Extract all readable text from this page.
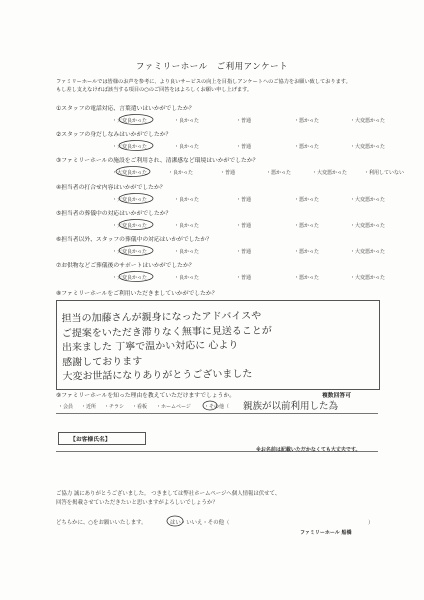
ファミリーホール　ご利用アンケート
ファミリーホールでは皆様のお声を参考に、より良いサービスの向上を目指しアンケートへのご協力をお願い致しております。
もし差し支えなければ該当する項目の○のご回答をはよろしくお願い申し上げます。
①スタッフの電話対応、言葉遣いはいかがでしたか？
・大変良かった	・良かった	・普通	・悪かった	・大変悪かった
②スタッフの身だしなみはいかがでしたか？
・大変良かった	・良かった	・普通	・悪かった	・大変悪かった
③ファミリーホールの施設をご利用され、清潔感など環境はいかがでしたか？
・大変良かった	・良かった	・普通	・悪かった	・大変悪かった	・利用していない
④担当者の打合せ内容はいかがでしたか？
・大変良かった	・良かった	・普通	・悪かった	・大変悪かった
⑤担当者の葬儀中の対応はいかがでしたか？
・大変良かった	・良かった	・普通	・悪かった	・大変悪かった
⑥担当者以外、スタッフの葬儀中の対応はいかがでしたか？
・大変良かった	・良かった	・普通	・悪かった	・大変悪かった
⑦お供物などご葬儀後のサポートはいかがでしたか？
・大変良かった	・良かった	・普通	・悪かった	・大変悪かった
⑧ファミリーホールをご利用いただきましていかがでしたか？
担当の加藤さんが親身になったアドバイスや
ご提案をいただき滞りなく無事に見送ることが
出来ました 丁寧で温かい対応に 心より
感謝しております
大変お世話になりありがとうございました
⑨ファミリーホールを知った理由を教えていただけますでしょうか。	複数回答可
・会員 ・近所 ・チラシ ・看板 ・ホームページ	・その他（ 親族が以前利用した為
【お客様氏名】
※お名前は記載いただかなくても大丈夫です。
ご協力 誠にありがとうございました。 つきましては弊社ホームページへ個人情報は伏せて、
回答を掲載させていただきたいと思いますがよろしいでしょうか？
どちらかに、○をお願いいたします。	はい・いいえ・その他（	）
ファミリーホール 船橋
